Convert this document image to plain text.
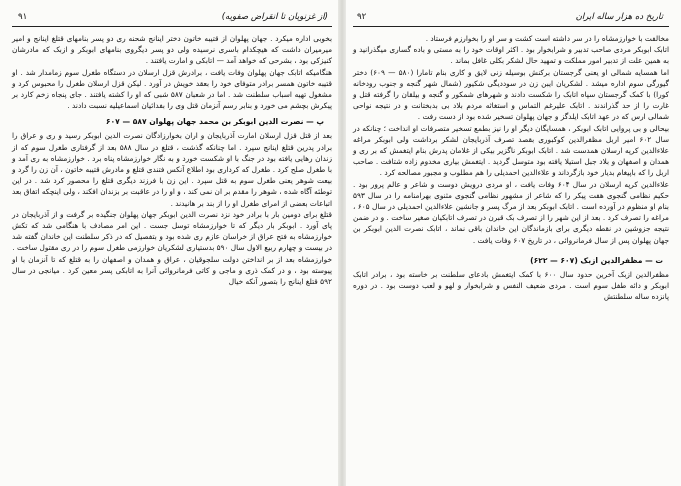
۹۲	تاریخ ده هزار ساله ایران

مخالفت با خوارزمشاه را در سر داشته است کشت و سر او را بخوارزم فرستاد .

اتابک ابوبکر مردی صاحب تدبیر و شرابخوار بود . اکثر اوقات خود را به مستی و باده گساری میگذرانید و به همین علت از تدبیر امور مملکت و تمهید حال لشکر بکلی غافل بماند .

اما همسایه شمالی او یعنی گرجستان برکنش بوسیله زنی لایق و کاری بنام تامارا (۵۸۰ — ۶۰۹) دختر گیورگی سوم اداره میشد . لشکریان ایبن زن در سوددیگی شکیور (شمال شهر گنجه و جنوب رودخانه کورا) با کمک گرجستان سپاه اتابک را شکست دادند و شهرهای شمکور و گنجه و بیلقان را گرفته قتل و غارت را از حد گذراندند . اتابک علیرغم التماس و استغاثه مردم بلاد بی بدبختانت و در نتیجه نواحی شمالی ارس که در عهد اتابک ایلدگز و جهان پهلوان تسخیر شده بود از دست رفت .

بیحالی و بی پروایی اتابک ابوبکر ، همسایگان دیگر او را نیز بطمع تسخیر متصرفات او انداخت ؛ چنانکه در سال ۶۰۲ امیر اربل مظفرالدین کوکبوری بقصد تصرف آذربایجان لشکر برداشت ولی ابوبکر مراغه علاءالدین کرپه ارسلان همدست شد . اتابک ابوبکر ناگزیر بیکی از غلامان پدرش بنام ایتغمش که بر ری و همدان و اصفهان و بلاد جبل استیلا یافته بود متوسل گردید . ایتغمش بیاری مخدوم زاده شتافت . صاحب اربل را که باپیغام بدیار خود بازگرداند و علاءالدین احمدیلی را هم مطلوب و مجبور مصالحه کرد .

علاءالدین کرپه ارسلان در سال ۶۰۴ وفات یافت ، او مردی درویش دوست و شاعر و عالم پرور بود . حکیم نظامی گنجوی هفت پیکر را که شاعر از مشهور نظامی گنجوی مثنوی بهرامنامه را در سال ۵۹۳ بنام او منظوم در آورده است . اتابک ابوبکر بعد از مرگ پسر و جانشین علاءالدین احمدیلی در سال ۶۰۵ ، مراغه را تصرف کرد . بعد از این شهر را از تصرف بک قبرن در تصرف اتابکیان صغیر ساخت . و در ضمن نتیجه جزوشین در نقطه دیگری برای بازماندگان این خاندان باقی نماند ، اتابک نصرت الدین ابوبکر بن جهان پهلوان پس از سال فرمانروائی ، در تاریخ ۶۰۷ وفات یافت .

ت — مظفرالدین ازبک (۶۰۷ — ۶۲۲)

مظفرالدین ازبک آخرین حدود سال ۶۰۰ با کمک ایتغمش بادعای سلطنت بر خاسته بود ، برادر اتابک ابوبکر و دائه طفل سوم است . مردی ضعیف النفس و شرابخوار و لهو و لعب دوست بود . در دوره پانزده ساله سلطنتش

۹۱	(از غزنویان تا انقراض صفویه)

بخوبی اداره میکرد . جهان پهلوان از قتیبه خاتون دختر اینانج شحنه ری دو پسر بنامهای قتلغ اینانج و امیر میرمیران داشت که هیچکدام باسری نرسیده ولی دو پسر دیگروی بنامهای ابوبکر و ازبک که مادرشان کنیزکی بود ، بشرحی که خواهد آمد — اتابکی و امارت یافتند .

هنگامیکه اتابک جهان پهلوان وفات یافت ، برادرش قزل ارسلان در دستگاه طغرل سوم زمامدار شد . او قتیبه خاتون همسر برادر متوفای خود را بعقد خویش در آورد . لیکن قزل ارسلان طغرل را محبوس کرد و مشغول تهیه اسباب سلطنت شد . اما در شعبان ۵۸۷ شبی که او را کشته یافتند . جای پنجاه زخم کارد بر پیکرش بچشم می خورد و بنابر رسم آنزمان قتل وی را بفدائیان اسماعیلیه نسبت دادند .

پ — نصرت الدین ابوبکر بن محمد جهان پهلوان ۵۸۷ — ۶۰۷

بعد از قتل قزل ارسلان امارت آذربایجان و اران بخوارزادگان نصرت الدین ابوبکر رسید و ری و عراق را برادر پدرین قتلغ اینانج سپرد . اما چنانکه گذشت ، قتلغ در سال ۵۸۸ بعد از گرفتاری طغرل سوم که از زندان رهایی یافته بود در جنگ با او شکست خورد و به نگار خوارزمشاه پناه برد . خوارزمشاه به ری آمد و با طغرل صلح کرد . طغرل که کرداری بود اطلاع آنکس فتندی قتلغ و مادرش قتیبه خاتون ، آن زن را گرد و بیعت شوهر یعنی طغرل سوم به قتل سپرد . این زن با فرزند دیگری قتلغ را محصور کرد شد . در این توطئه آگاه شده ، شوهر را مقدم بر ان نمی کند ، و او را در عاقبت بر بزندان افکند ، ولی اینچکه اتفاق بعد اتباعات بعضی از امرای طغرل او را از بند بر هانیدند .

قتلغ برای دومین بار با برادر خود نزد نصرت الدین ابوبکر جهان پهلوان جنگیده بر گرفت و از آذربایجان در پای آورد . ابوبکر بار دیگر که تا خوارزمشاه توسل جست . این امر مصادف با هنگامی شد که تکش خوارزمشاه به فتح عراق از خراسان عازم ری شده بود و بتفصیل که در ذکر سلطنت این خاندان گفته شد در بیست و چهارم ربیع الاول سال ۵۹۰ بدستیاری لشکریان خوارزمی طغرل سوم را در ری مقتول ساخت .

خوارزمشاه بعد از بر انداختن دولت سلجوقیان ، عراق و همدان و اصفهان را به قتلغ که تا آنزمان با او پیوسته بود ، و در کمک ذری و ماجی و کاتی فرمانروائی آنرا به اتابکی پسر معین کرد . میانجی در سال ۵۹۲ قتلغ اینانج را بتصور آنکه خیال
